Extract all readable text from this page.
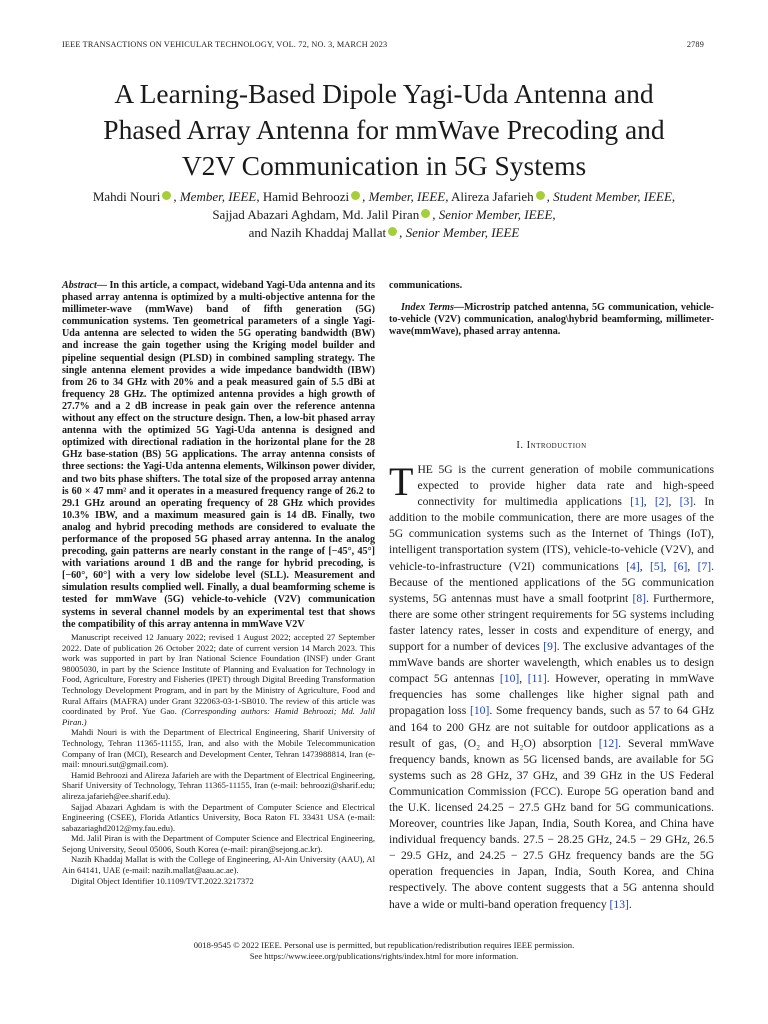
IEEE TRANSACTIONS ON VEHICULAR TECHNOLOGY, VOL. 72, NO. 3, MARCH 2023	2789
A Learning-Based Dipole Yagi-Uda Antenna and
Phased Array Antenna for mmWave Precoding and
V2V Communication in 5G Systems
Mahdi Nouri , Member, IEEE, Hamid Behroozi , Member, IEEE, Alireza Jafarieh , Student Member, IEEE,
Sajjad Abazari Aghdam, Md. Jalil Piran , Senior Member, IEEE,
and Nazih Khaddaj Mallat , Senior Member, IEEE
Abstract— In this article, a compact, wideband Yagi-Uda antenna and its phased array antenna is optimized by a multi-objective antenna for the millimeter-wave (mmWave) band of fifth generation (5G) communication systems. Ten geometrical parameters of a single Yagi-Uda antenna are selected to widen the 5G operating bandwidth (BW) and increase the gain together using the Kriging model builder and pipeline sequential design (PLSD) in combined sampling strategy. The single antenna element provides a wide impedance bandwidth (IBW) from 26 to 34 GHz with 20% and a peak measured gain of 5.5 dBi at frequency 28 GHz. The optimized antenna provides a high growth of 27.7% and a 2 dB increase in peak gain over the reference antenna without any effect on the structure design. Then, a low-bit phased array antenna with the optimized 5G Yagi-Uda antenna is designed and optimized with directional radiation in the horizontal plane for the 28 GHz base-station (BS) 5G applications. The array antenna consists of three sections: the Yagi-Uda antenna elements, Wilkinson power divider, and two bits phase shifters. The total size of the proposed array antenna is 60 × 47 mm² and it operates in a measured frequency range of 26.2 to 29.1 GHz around an operating frequency of 28 GHz which provides 10.3% IBW, and a maximum measured gain is 14 dB. Finally, two analog and hybrid precoding methods are considered to evaluate the performance of the proposed 5G phased array antenna. In the analog precoding, gain patterns are nearly constant in the range of [−45°, 45°] with variations around 1 dB and the range for hybrid precoding, is [−60°, 60°] with a very low sidelobe level (SLL). Measurement and simulation results complied well. Finally, a dual beamforming scheme is tested for mmWave (5G) vehicle-to-vehicle (V2V) communication systems in several channel models by an experimental test that shows the compatibility of this array antenna in mmWave V2V
communications.
Index Terms—Microstrip patched antenna, 5G communication, vehicle-to-vehicle (V2V) communication, analog\hybrid beamforming, millimeter-wave(mmWave), phased array antenna.

Manuscript received 12 January 2022; revised 1 August 2022; accepted 27 September 2022. Date of publication 26 October 2022; date of current version 14 March 2023. This work was supported in part by Iran National Science Foundation (INSF) under Grant 98005030, in part by the Science Institute of Planning and Evaluation for Technology in Food, Agriculture, Forestry and Fisheries (IPET) through Digital Breeding Transformation Technology Development Program, and in part by the Ministry of Agriculture, Food and Rural Affairs (MAFRA) under Grant 322063-03-1-SB010. The review of this article was coordinated by Prof. Yue Gao. (Corresponding authors: Hamid Behroozi; Md. Jalil Piran.)

Mahdi Nouri is with the Department of Electrical Engineering, Sharif University of Technology, Tehran 11365-11155, Iran, and also with the Mobile Telecommunication Company of Iran (MCI), Research and Development Center, Tehran 1473988814, Iran (e-mail: mnouri.sut@gmail.com).

Hamid Behroozi and Alireza Jafarieh are with the Department of Electrical Engineering, Sharif University of Technology, Tehran 11365-11155, Iran (e-mail: behroozi@sharif.edu; alireza.jafarieh@ee.sharif.edu).

Sajjad Abazari Aghdam is with the Department of Computer Science and Electrical Engineering (CSEE), Florida Atlantics University, Boca Raton FL 33431 USA (e-mail: sabazariaghd2012@my.fau.edu).

Md. Jalil Piran is with the Department of Computer Science and Electrical Engineering, Sejong University, Seoul 05006, South Korea (e-mail: piran@sejong.ac.kr).

Nazih Khaddaj Mallat is with the College of Engineering, Al-Ain University (AAU), Al Ain 64141, UAE (e-mail: nazih.mallat@aau.ac.ae).

Digital Object Identifier 10.1109/TVT.2022.3217372

I. Introduction
THE 5G is the current generation of mobile communications expected to provide higher data rate and high-speed connectivity for multimedia applications [1], [2], [3]. In addition to the mobile communication, there are more usages of the 5G communication systems such as the Internet of Things (IoT), intelligent transportation system (ITS), vehicle-to-vehicle (V2V), and vehicle-to-infrastructure (V2I) communications [4], [5], [6], [7]. Because of the mentioned applications of the 5G communication systems, 5G antennas must have a small footprint [8]. Furthermore, there are some other stringent requirements for 5G systems including faster latency rates, lesser in costs and expenditure of energy, and support for a number of devices [9]. The exclusive advantages of the mmWave bands are shorter wavelength, which enables us to design compact 5G antennas [10], [11]. However, operating in mmWave frequencies has some challenges like higher signal path and propagation loss [10]. Some frequency bands, such as 57 to 64 GHz and 164 to 200 GHz are not suitable for outdoor applications as a result of gas, (O₂ and H₂O) absorption [12]. Several mmWave frequency bands, known as 5G licensed bands, are available for 5G systems such as 28 GHz, 37 GHz, and 39 GHz in the US Federal Communication Commission (FCC). Europe 5G operation band and the U.K. licensed 24.25 − 27.5 GHz band for 5G communications. Moreover, countries like Japan, India, South Korea, and China have individual frequency bands. 27.5 − 28.25 GHz, 24.5 − 29 GHz, 26.5 − 29.5 GHz, and 24.25 − 27.5 GHz frequency bands are the 5G operation frequencies in Japan, India, South Korea, and China respectively. The above content suggests that a 5G antenna should have a wide or multi-band operation frequency [13].
0018-9545 © 2022 IEEE. Personal use is permitted, but republication/redistribution requires IEEE permission.
See https://www.ieee.org/publications/rights/index.html for more information.
